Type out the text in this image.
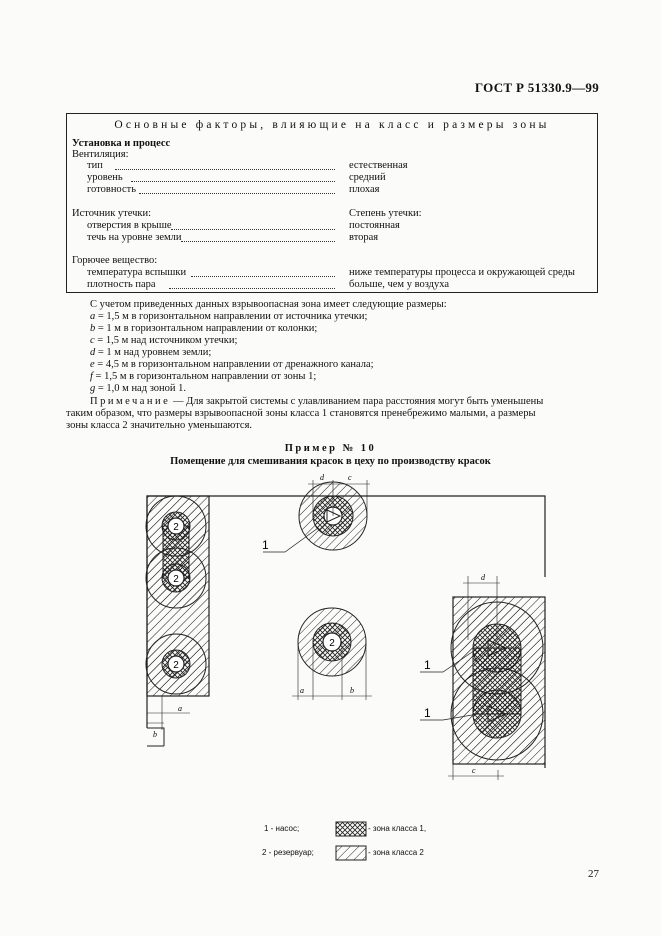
ГОСТ Р 51330.9—99
Основные факторы, влияющие на класс и размеры зоны
Установка и процесс
Вентиляция:
тип	естественная
уровень	средний
готовность	плохая
Источник утечки:	Степень утечки:
отверстия в крыше	постоянная
течь на уровне земли	вторая
Горючее вещество:
температура вспышки	ниже температуры процесса и окружающей среды
плотность пара	больше, чем у воздуха
С учетом приведенных данных взрывоопасная зона имеет следующие размеры:
a = 1,5 м в горизонтальном направлении от источника утечки;
b = 1 м в горизонтальном направлении от колонки;
c = 1,5 м над источником утечки;
d = 1 м над уровнем земли;
e = 4,5 м в горизонтальном направлении от дренажного канала;
f = 1,5 м в горизонтальном направлении от зоны 1;
g = 1,0 м над зоной 1.
Примечание — Для закрытой системы с улавливанием пара расстояния могут быть уменьшены
таким образом, что размеры взрывоопасной зоны класса 1 становятся пренебрежимо малыми, а размеры
зоны класса 2 значительно уменьшаются.
Пример № 10
Помещение для смешивания красок в цеху по производству красок
2
2
2
a
b
d	c
1
2
a	b
d
c
1
1
1 - насос;
2 - резервуар;
- зона класса 1,
- зона класса 2
27
